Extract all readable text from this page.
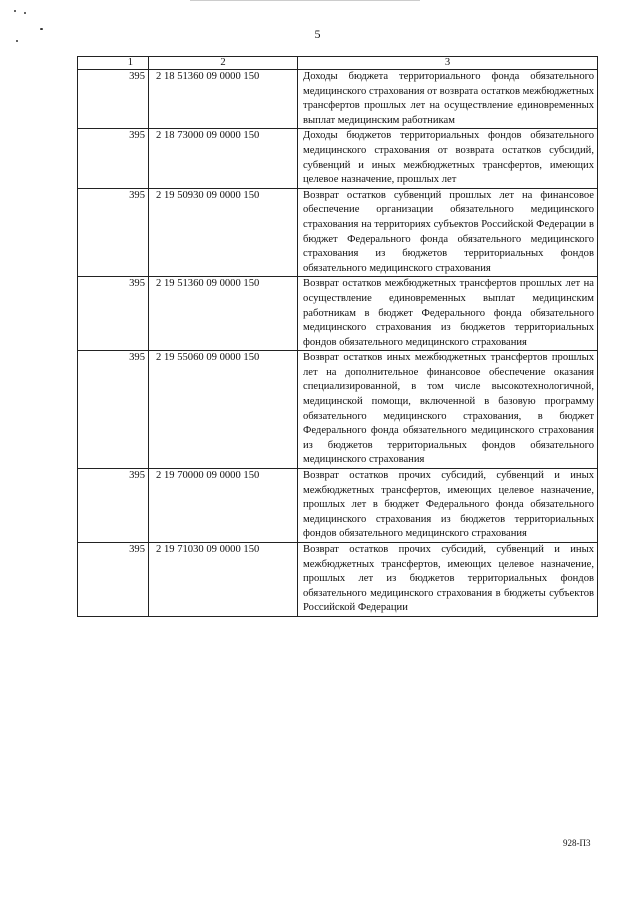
5
1	2	3
395	2 18 51360 09 0000 150	Доходы бюджета территориального фонда обязательного медицинского страхования от возврата остатков межбюджетных трансфертов прошлых лет на осуществление единовременных выплат медицинским работникам
395	2 18 73000 09 0000 150	Доходы бюджетов территориальных фондов обязательного медицинского страхования от возврата остатков субсидий, субвенций и иных межбюджетных трансфертов, имеющих целевое назначение, прошлых лет
395	2 19 50930 09 0000 150	Возврат остатков субвенций прошлых лет на финансовое обеспечение организации обязательного медицинского страхования на территориях субъектов Российской Федерации в бюджет Федерального фонда обязательного медицинского страхования из бюджетов территориальных фондов обязательного медицинского страхования
395	2 19 51360 09 0000 150	Возврат остатков межбюджетных трансфертов прошлых лет на осуществление единовременных выплат медицинским работникам в бюджет Федерального фонда обязательного медицинского страхования из бюджетов территориальных фондов обязательного медицинского страхования
395	2 19 55060 09 0000 150	Возврат остатков иных межбюджетных трансфертов прошлых лет на дополнительное финансовое обеспечение оказания специализированной, в том числе высокотехнологичной, медицинской помощи, включенной в базовую программу обязательного медицинского страхования, в бюджет Федерального фонда обязательного медицинского страхования из бюджетов территориальных фондов обязательного медицинского страхования
395	2 19 70000 09 0000 150	Возврат остатков прочих субсидий, субвенций и иных межбюджетных трансфертов, имеющих целевое назначение, прошлых лет в бюджет Федерального фонда обязательного медицинского страхования из бюджетов территориальных фондов обязательного медицинского страхования
395	2 19 71030 09 0000 150	Возврат остатков прочих субсидий, субвенций и иных межбюджетных трансфертов, имеющих целевое назначение, прошлых лет из бюджетов территориальных фондов обязательного медицинского страхования в бюджеты субъектов Российской Федерации
928-П3
